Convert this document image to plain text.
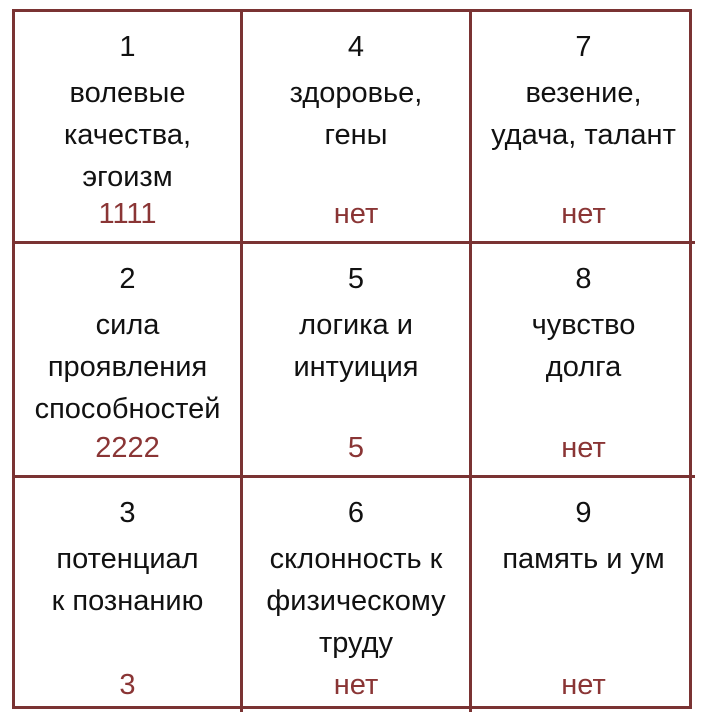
1
волевые
качества,
эгоизм
1111
4
здоровье,
гены
нет
7
везение,
удача, талант
нет
2
сила
проявления
способностей
2222
5
логика и
интуиция
5
8
чувство
долга
нет
3
потенциал
к познанию
3
6
склонность к
физическому
труду
нет
9
память и ум
нет
